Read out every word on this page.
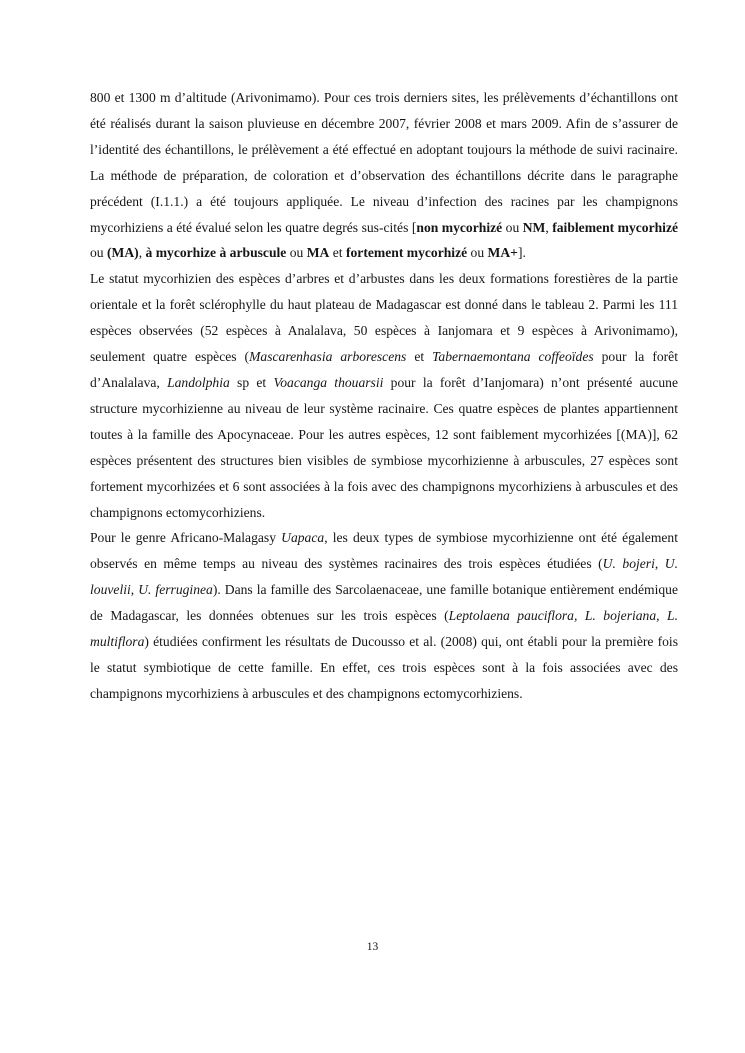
800 et 1300 m d’altitude (Arivonimamo). Pour ces trois derniers sites, les prélèvements d’échantillons ont été réalisés durant la saison pluvieuse en décembre 2007, février 2008 et mars 2009. Afin de s’assurer de l’identité des échantillons, le prélèvement a été effectué en adoptant toujours la méthode de suivi racinaire. La méthode de préparation, de coloration et d’observation des échantillons décrite dans le paragraphe précédent (I.1.1.) a été toujours appliquée. Le niveau d’infection des racines par les champignons mycorhiziens a été évalué selon les quatre degrés sus-cités [non mycorhizé ou NM, faiblement mycorhizé ou (MA), à mycorhize à arbuscule ou MA et fortement mycorhizé ou MA+].

Le statut mycorhizien des espèces d’arbres et d’arbustes dans les deux formations forestières de la partie orientale et la forêt sclérophylle du haut plateau de Madagascar est donné dans le tableau 2. Parmi les 111 espèces observées (52 espèces à Analalava, 50 espèces à Ianjomara et 9 espèces à Arivonimamo), seulement quatre espèces (Mascarenhasia arborescens et Tabernaemontana coffeoïdes pour la forêt d’Analalava, Landolphia sp et Voacanga thouarsii pour la forêt d’Ianjomara) n’ont présenté aucune structure mycorhizienne au niveau de leur système racinaire. Ces quatre espèces de plantes appartiennent toutes à la famille des Apocynaceae. Pour les autres espèces, 12 sont faiblement mycorhizées [(MA)], 62 espèces présentent des structures bien visibles de symbiose mycorhizienne à arbuscules, 27 espèces sont fortement mycorhizées et 6 sont associées à la fois avec des champignons mycorhiziens à arbuscules et des champignons ectomycorhiziens.

Pour le genre Africano-Malagasy Uapaca, les deux types de symbiose mycorhizienne ont été également observés en même temps au niveau des systèmes racinaires des trois espèces étudiées (U. bojeri, U. louvelii, U. ferruginea). Dans la famille des Sarcolaenaceae, une famille botanique entièrement endémique de Madagascar, les données obtenues sur les trois espèces (Leptolaena pauciflora, L. bojeriana, L. multiflora) étudiées confirment les résultats de Ducousso et al. (2008) qui, ont établi pour la première fois le statut symbiotique de cette famille. En effet, ces trois espèces sont à la fois associées avec des champignons mycorhiziens à arbuscules et des champignons ectomycorhiziens.

13
